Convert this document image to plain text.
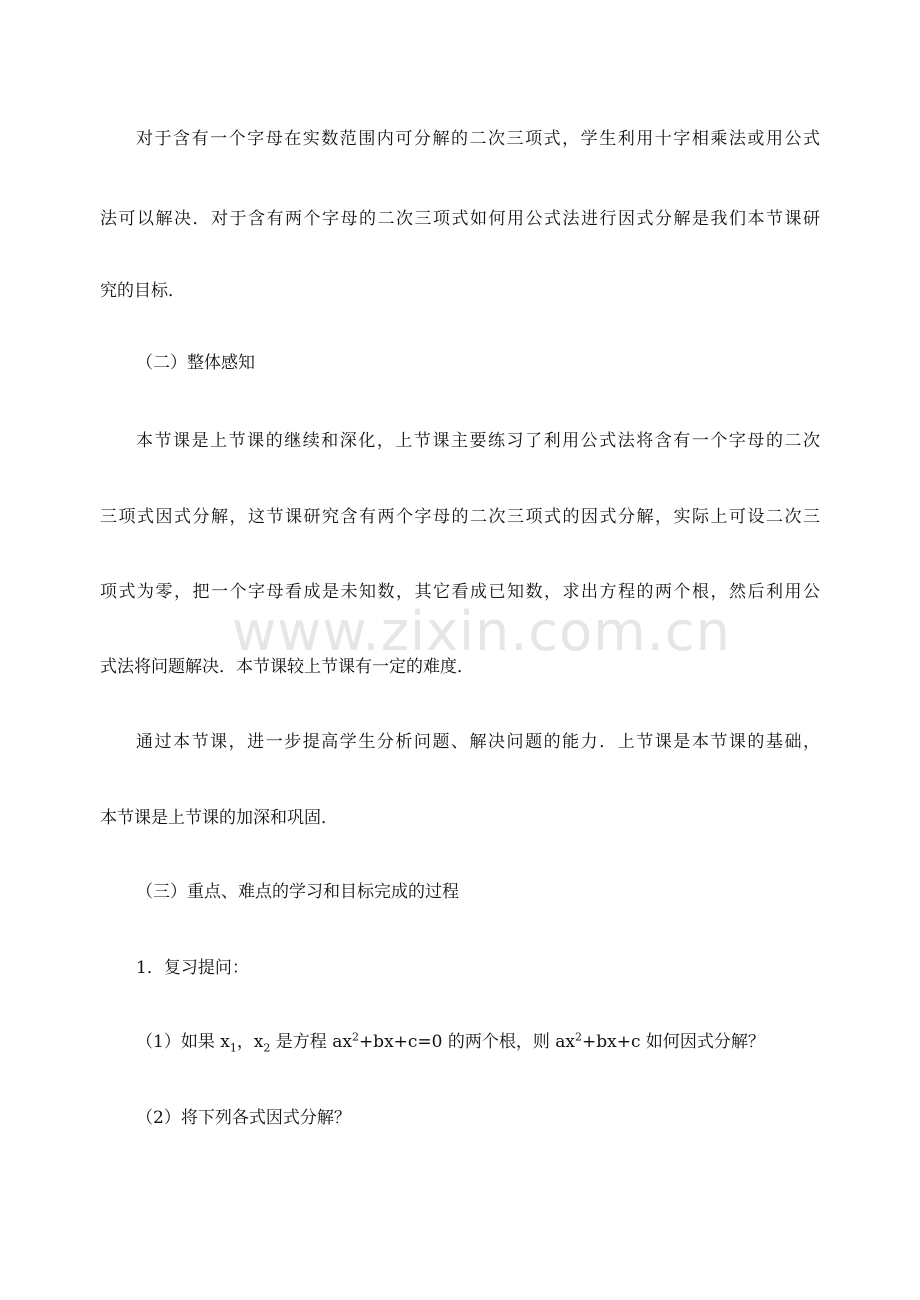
www.zixin.com.cn
对于含有一个字母在实数范围内可分解的二次三项式，学生利用十字相乘法或用公式
法可以解决．对于含有两个字母的二次三项式如何用公式法进行因式分解是我们本节课研
究的目标．
（二）整体感知
本节课是上节课的继续和深化，上节课主要练习了利用公式法将含有一个字母的二次
三项式因式分解，这节课研究含有两个字母的二次三项式的因式分解，实际上可设二次三
项式为零，把一个字母看成是未知数，其它看成已知数，求出方程的两个根，然后利用公
式法将问题解决．本节课较上节课有一定的难度．
通过本节课，进一步提高学生分析问题、解决问题的能力．上节课是本节课的基础，
本节课是上节课的加深和巩固．
（三）重点、难点的学习和目标完成的过程
1．复习提问：
（1）如果 $x_1$，$x_2$ 是方程 $ax^2+bx+c=0$ 的两个根，则 $ax^2+bx+c$ 如何因式分解？
（2）将下列各式因式分解？
